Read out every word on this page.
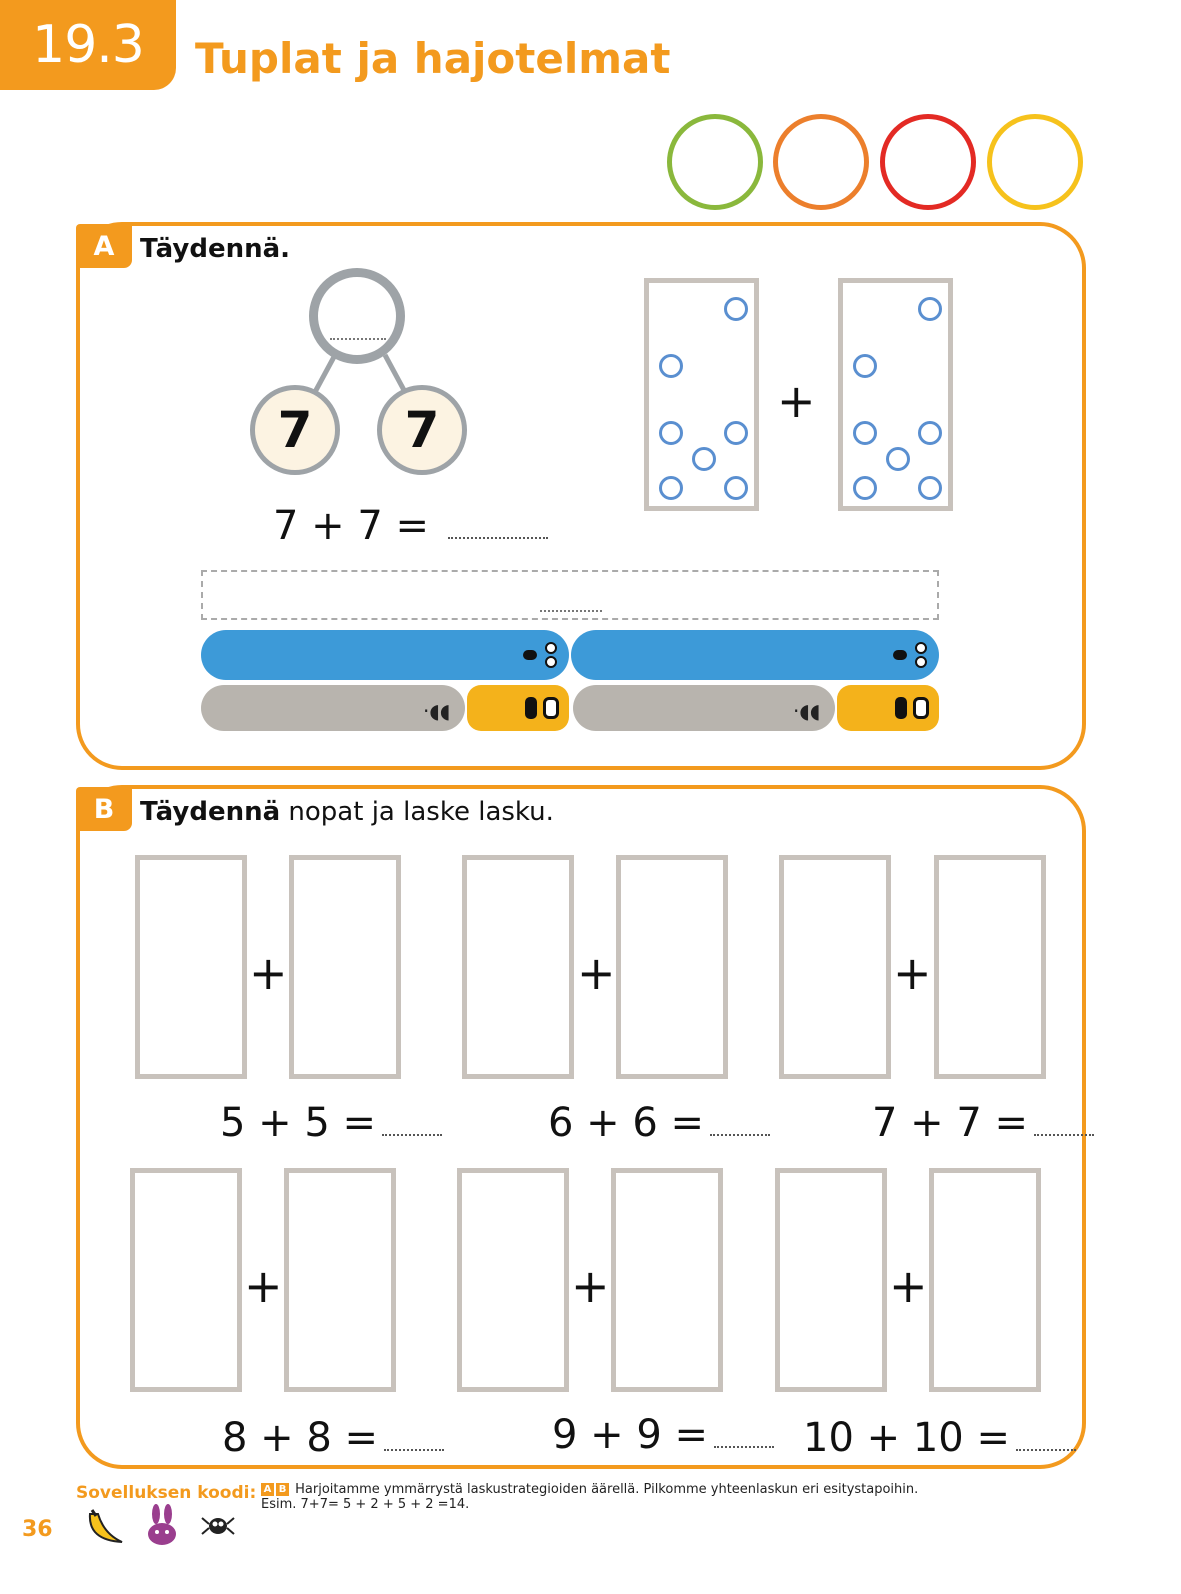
19.3 Tuplat ja hajotelmat
A Täydennä.
7 7
7 + 7 =
+
·◖◖	·◖◖
B Täydennä nopat ja laske lasku.
+
5 + 5 =
+
6 + 6 =
+
7 + 7 =
+
8 + 8 =
+
9 + 9 =
+
10 + 10 =
Sovelluksen koodi:
36
A B Harjoitamme ymmärrystä laskustrategioiden äärellä. Pilkomme yhteenlaskun eri esitystapoihin.
Esim. 7+7= 5 + 2 + 5 + 2 =14.
